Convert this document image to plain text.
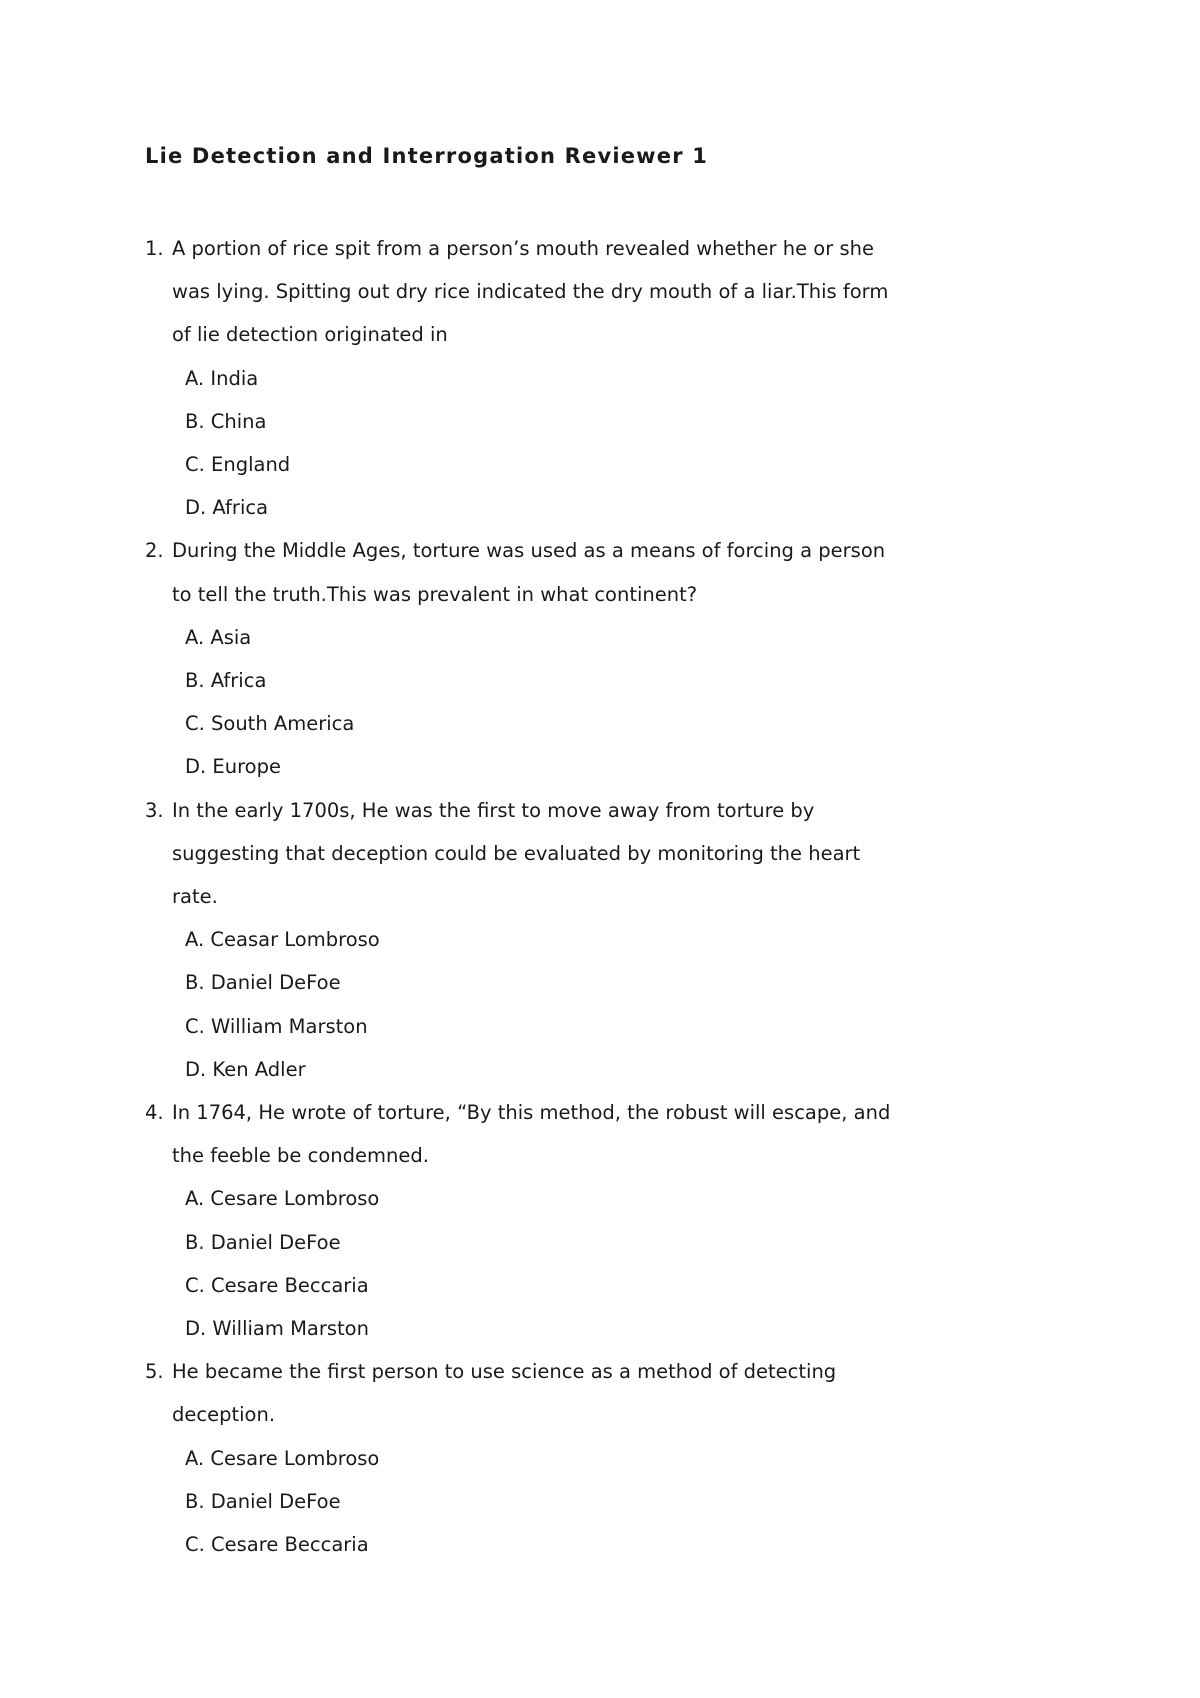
Lie Detection and Interrogation Reviewer 1
1. A portion of rice spit from a person’s mouth revealed whether he or she was lying. Spitting out dry rice indicated the dry mouth of a liar.This form of lie detection originated in
A. India
B. China
C. England
D. Africa
2. During the Middle Ages, torture was used as a means of forcing a person to tell the truth.This was prevalent in what continent?
A. Asia
B. Africa
C. South America
D. Europe
3. In the early 1700s, He was the first to move away from torture by suggesting that deception could be evaluated by monitoring the heart rate.
A. Ceasar Lombroso
B. Daniel DeFoe
C. William Marston
D. Ken Adler
4. In 1764, He wrote of torture, “By this method, the robust will escape, and the feeble be condemned.
A. Cesare Lombroso
B. Daniel DeFoe
C. Cesare Beccaria
D. William Marston
5. He became the first person to use science as a method of detecting deception.
A. Cesare Lombroso
B. Daniel DeFoe
C. Cesare Beccaria
